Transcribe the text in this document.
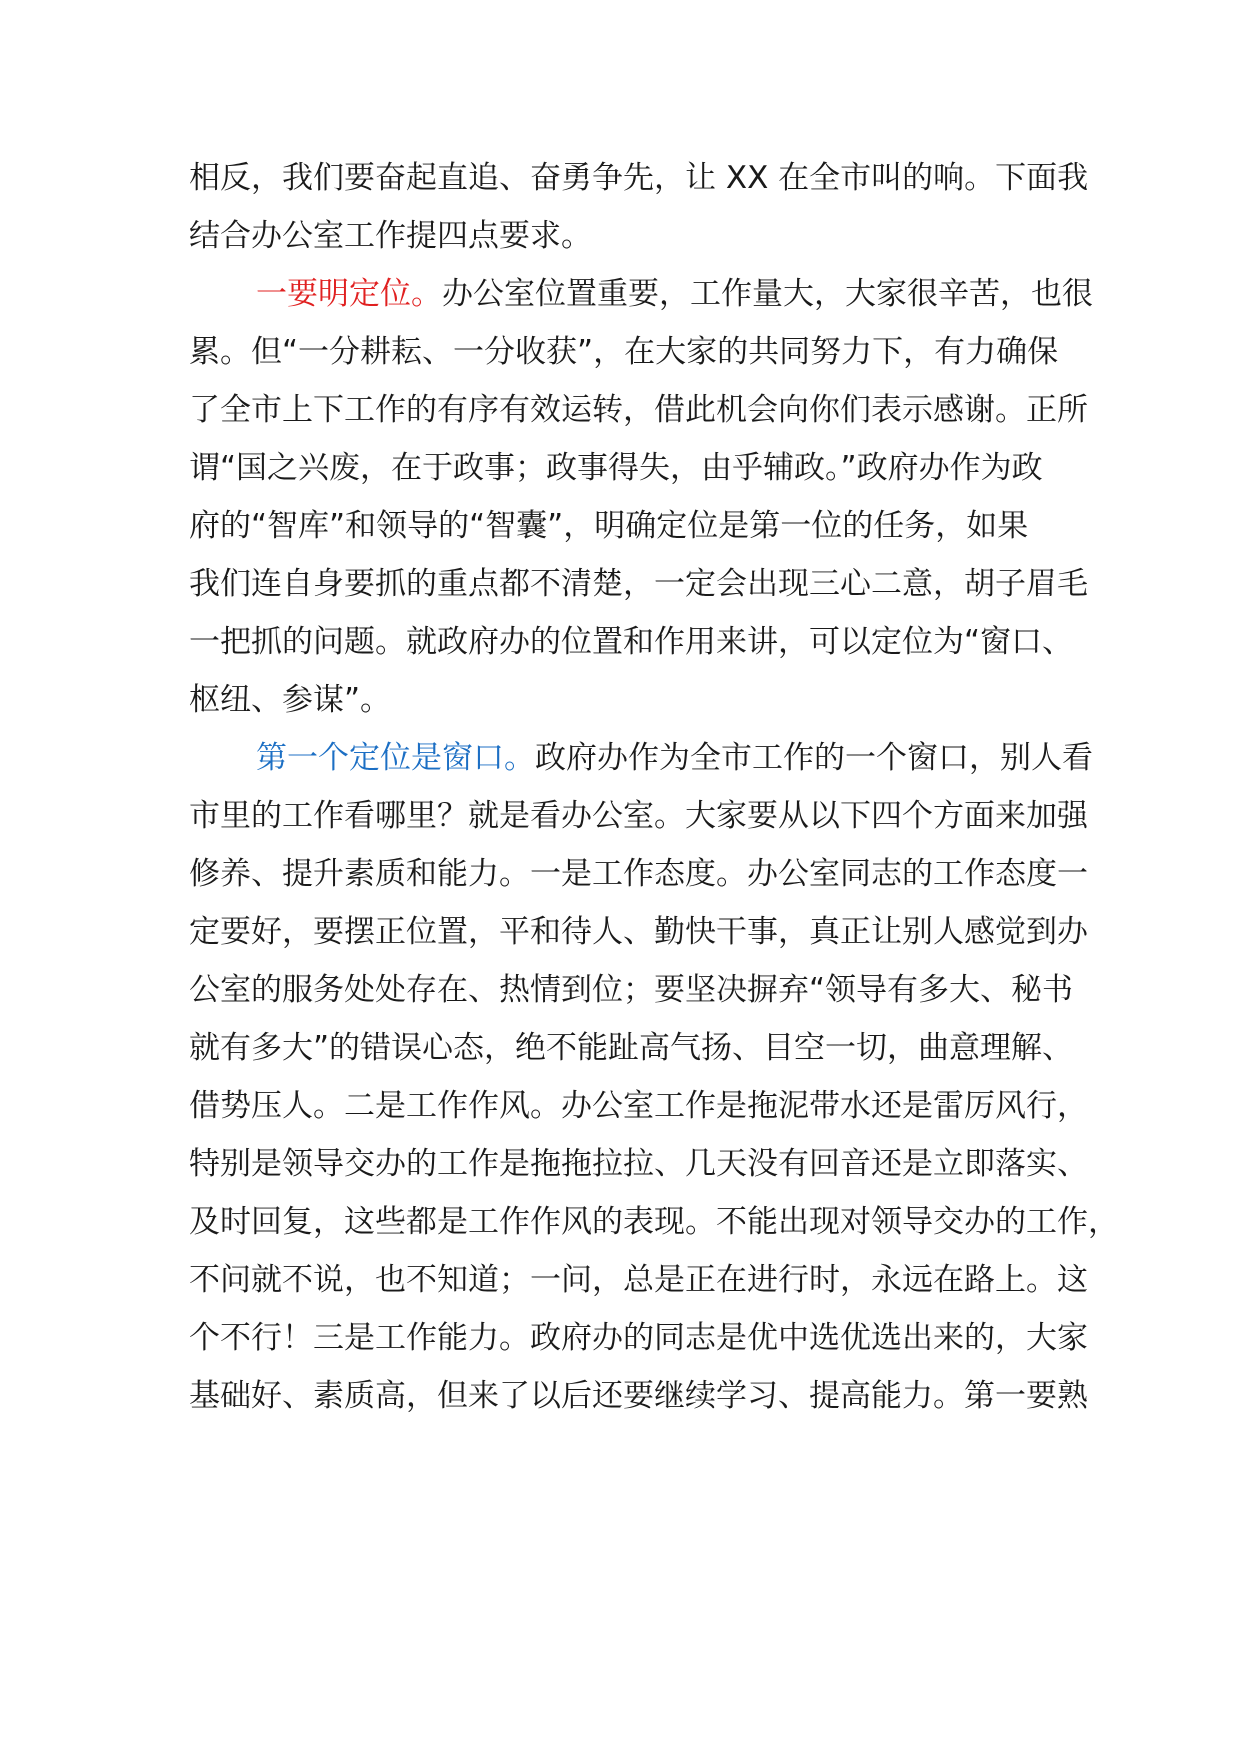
相反，我们要奋起直追、奋勇争先，让 XX 在全市叫的响。下面我
结合办公室工作提四点要求。
一要明定位。办公室位置重要，工作量大，大家很辛苦，也很
累。但“一分耕耘、一分收获”，在大家的共同努力下，有力确保
了全市上下工作的有序有效运转，借此机会向你们表示感谢。正所
谓“国之兴废，在于政事；政事得失，由乎辅政。”政府办作为政
府的“智库”和领导的“智囊”，明确定位是第一位的任务，如果
我们连自身要抓的重点都不清楚，一定会出现三心二意，胡子眉毛
一把抓的问题。就政府办的位置和作用来讲，可以定位为“窗口、
枢纽、参谋”。
第一个定位是窗口。政府办作为全市工作的一个窗口，别人看
市里的工作看哪里？就是看办公室。大家要从以下四个方面来加强
修养、提升素质和能力。一是工作态度。办公室同志的工作态度一
定要好，要摆正位置，平和待人、勤快干事，真正让别人感觉到办
公室的服务处处存在、热情到位；要坚决摒弃“领导有多大、秘书
就有多大”的错误心态，绝不能趾高气扬、目空一切，曲意理解、
借势压人。二是工作作风。办公室工作是拖泥带水还是雷厉风行，
特别是领导交办的工作是拖拖拉拉、几天没有回音还是立即落实、
及时回复，这些都是工作作风的表现。不能出现对领导交办的工作，
不问就不说，也不知道；一问，总是正在进行时，永远在路上。这
个不行！三是工作能力。政府办的同志是优中选优选出来的，大家
基础好、素质高，但来了以后还要继续学习、提高能力。第一要熟
